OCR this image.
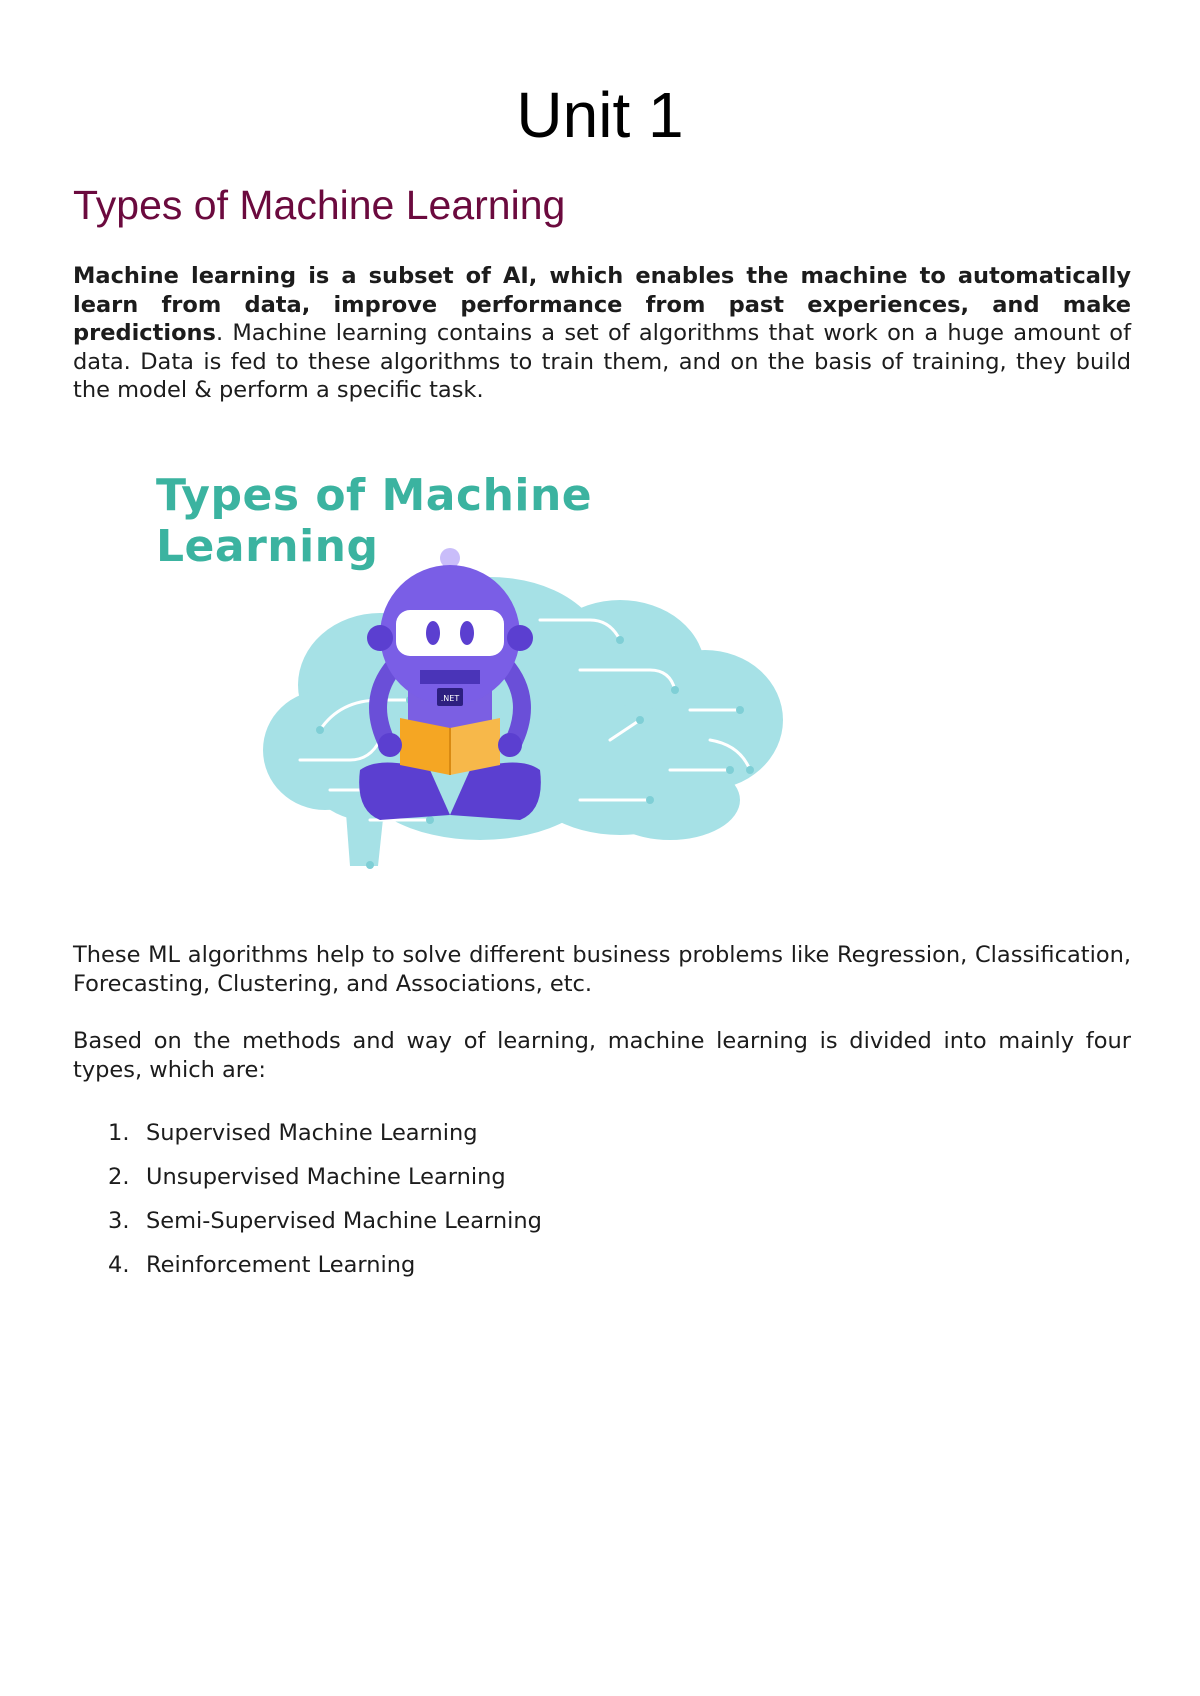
Unit 1
Types of Machine Learning

Machine learning is a subset of AI, which enables the machine to automatically learn from data, improve performance from past experiences, and make predictions. Machine learning contains a set of algorithms that work on a huge amount of data. Data is fed to these algorithms to train them, and on the basis of training, they build the model & perform a specific task.

.NET

Types of Machine Learning

These ML algorithms help to solve different business problems like Regression, Classification, Forecasting, Clustering, and Associations, etc.

Based on the methods and way of learning, machine learning is divided into mainly four types, which are:

1. Supervised Machine Learning
2. Unsupervised Machine Learning
3. Semi-Supervised Machine Learning
4. Reinforcement Learning
